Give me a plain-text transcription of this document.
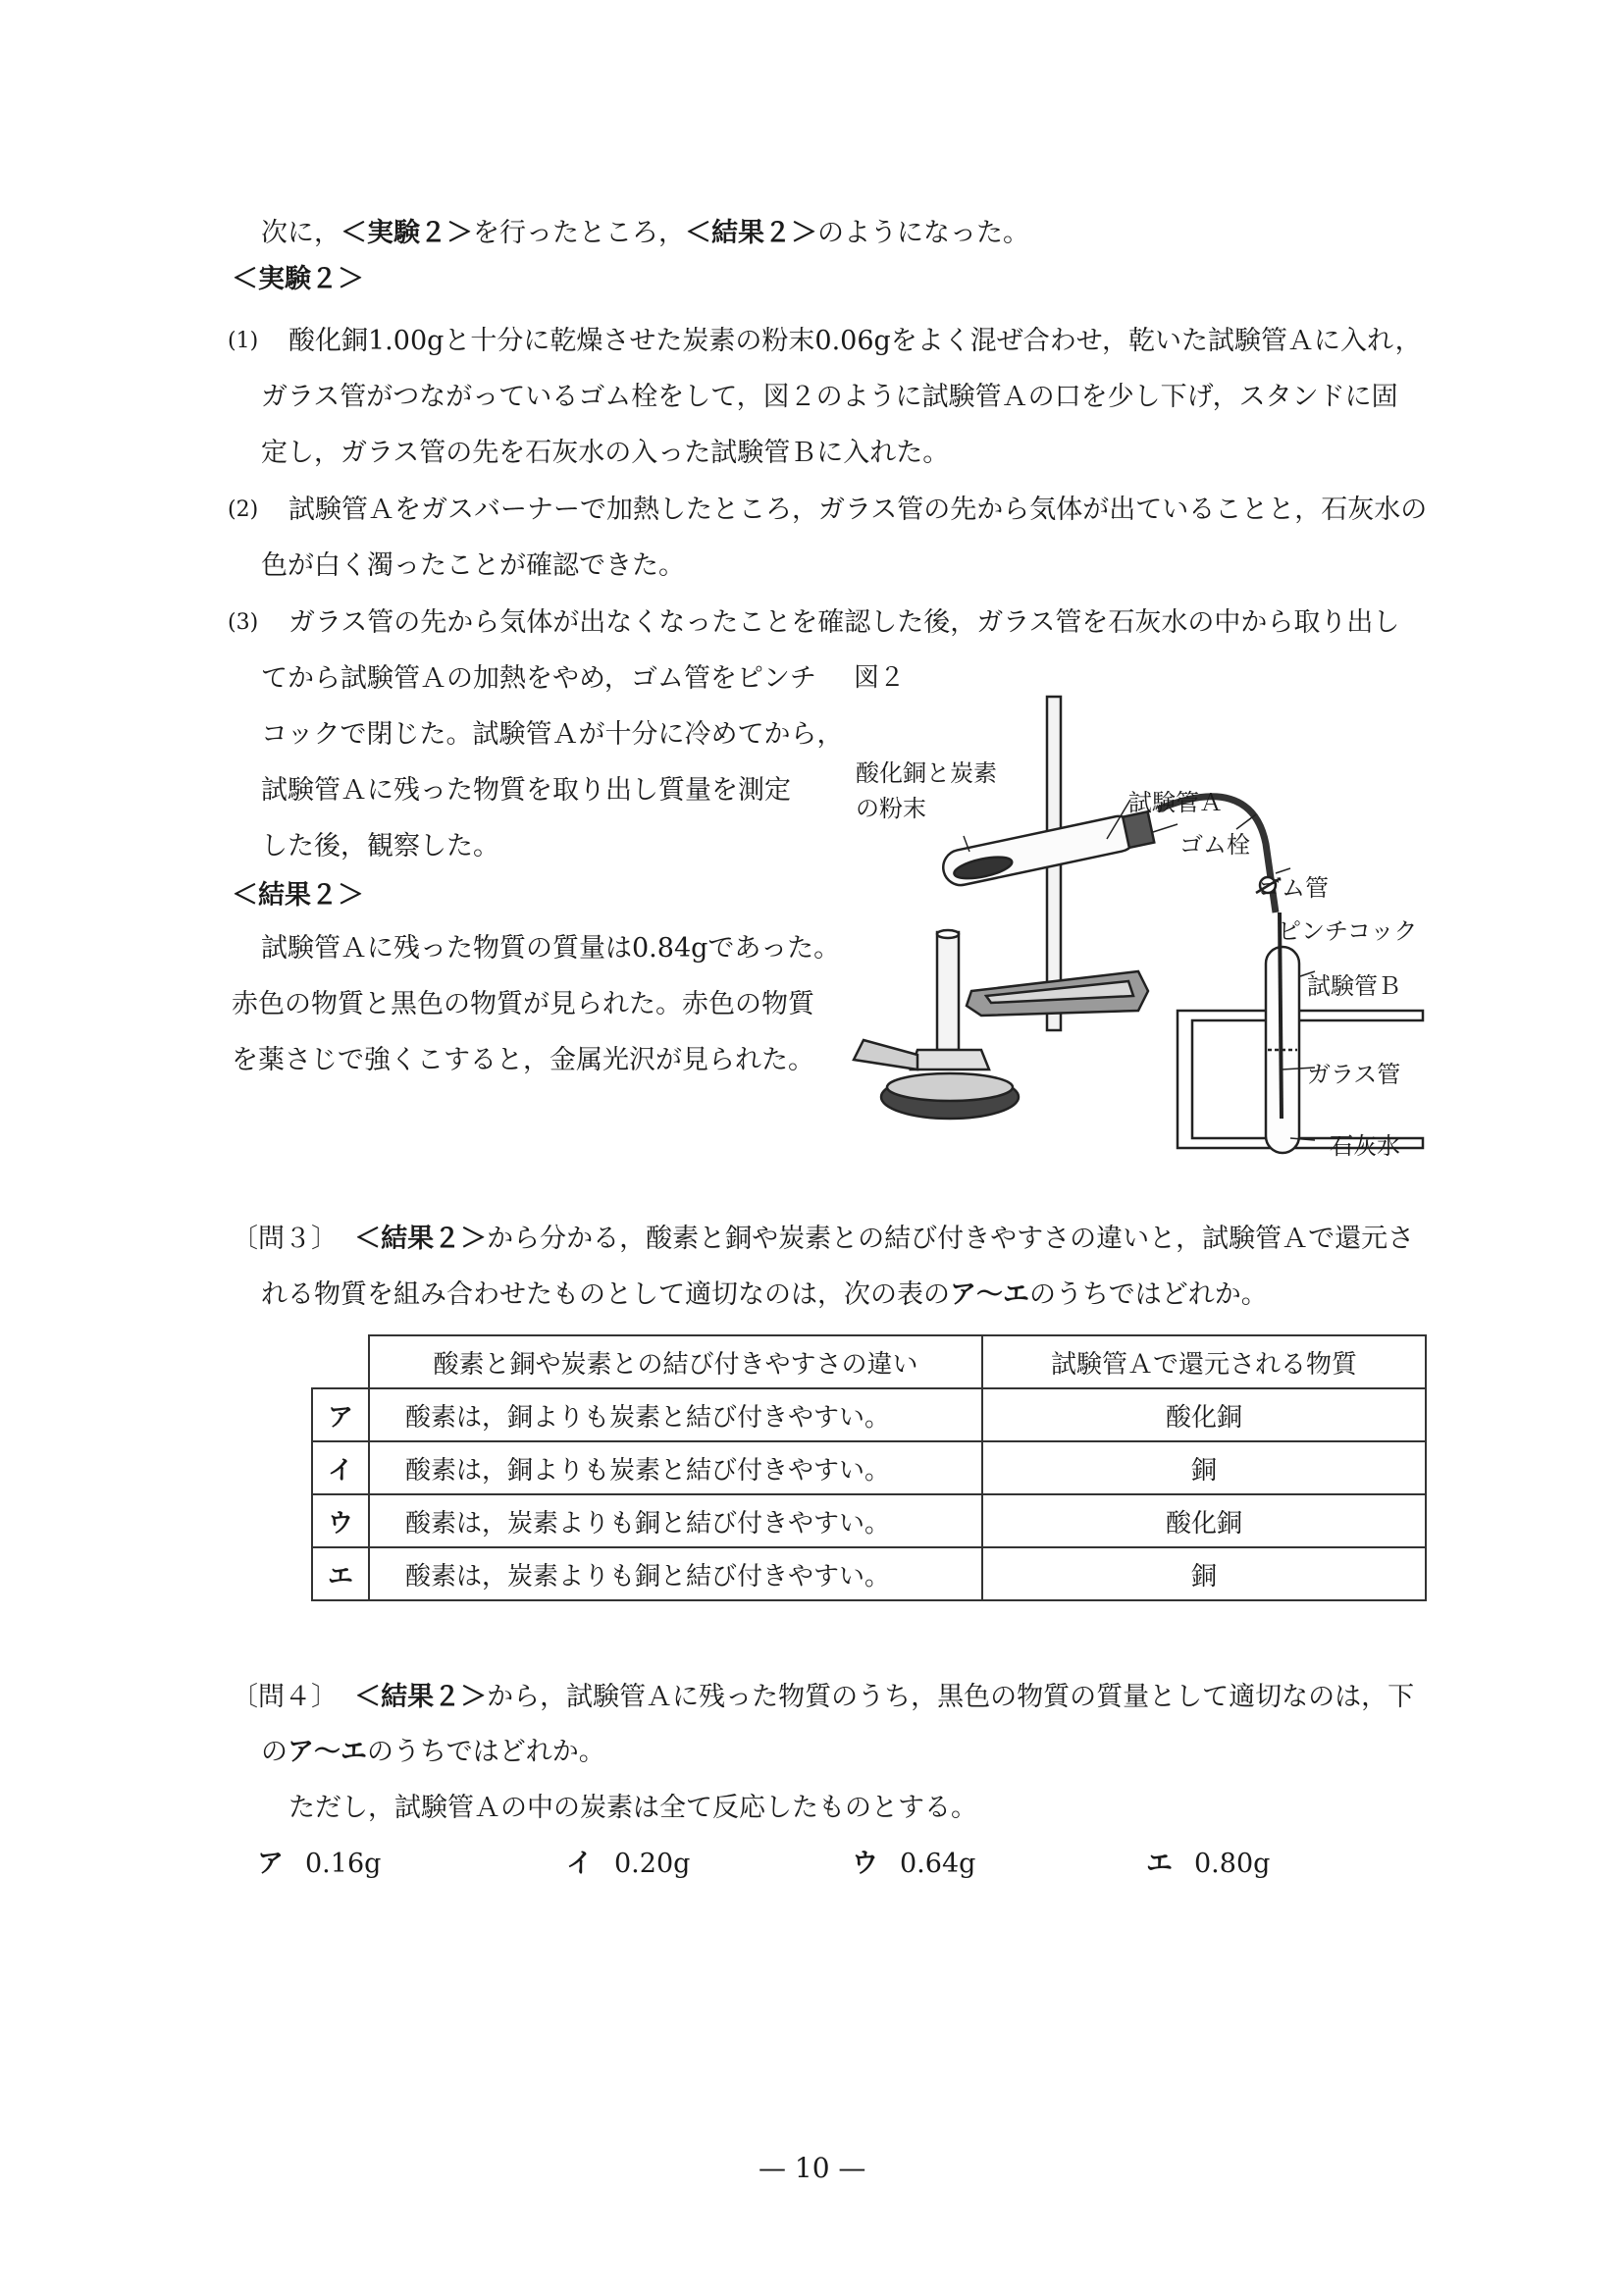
次に，＜実験２＞を行ったところ，＜結果２＞のようになった。
＜実験２＞
(1) 酸化銅1.00gと十分に乾燥させた炭素の粉末0.06gをよく混ぜ合わせ，乾いた試験管Ａに入れ，
ガラス管がつながっているゴム栓をして，図２のように試験管Ａの口を少し下げ，スタンドに固
定し，ガラス管の先を石灰水の入った試験管Ｂに入れた。
(2) 試験管Ａをガスバーナーで加熱したところ，ガラス管の先から気体が出ていることと，石灰水の
色が白く濁ったことが確認できた。
(3) ガラス管の先から気体が出なくなったことを確認した後，ガラス管を石灰水の中から取り出し
てから試験管Ａの加熱をやめ，ゴム管をピンチ
コックで閉じた。試験管Ａが十分に冷めてから，
試験管Ａに残った物質を取り出し質量を測定
した後，観察した。
＜結果２＞
試験管Ａに残った物質の質量は0.84gであった。
赤色の物質と黒色の物質が見られた。赤色の物質
を薬さじで強くこすると，金属光沢が見られた。
図２
酸化銅と炭素
の粉末	試験管Ａ
ゴム栓
ゴム管
ピンチコック
試験管Ｂ
ガラス管
石灰水
〔問３〕 ＜結果２＞から分かる，酸素と銅や炭素との結び付きやすさの違いと，試験管Ａで還元さ
れる物質を組み合わせたものとして適切なのは，次の表のア〜エのうちではどれか。
	酸素と銅や炭素との結び付きやすさの違い	試験管Ａで還元される物質
ア	酸素は，銅よりも炭素と結び付きやすい。	酸化銅
イ	酸素は，銅よりも炭素と結び付きやすい。	銅
ウ	酸素は，炭素よりも銅と結び付きやすい。	酸化銅
エ	酸素は，炭素よりも銅と結び付きやすい。	銅
〔問４〕 ＜結果２＞から，試験管Ａに残った物質のうち，黒色の物質の質量として適切なのは，下
のア〜エのうちではどれか。
ただし，試験管Ａの中の炭素は全て反応したものとする。
ア 0.16g	イ 0.20g	ウ 0.64g	エ 0.80g
— 10 —
